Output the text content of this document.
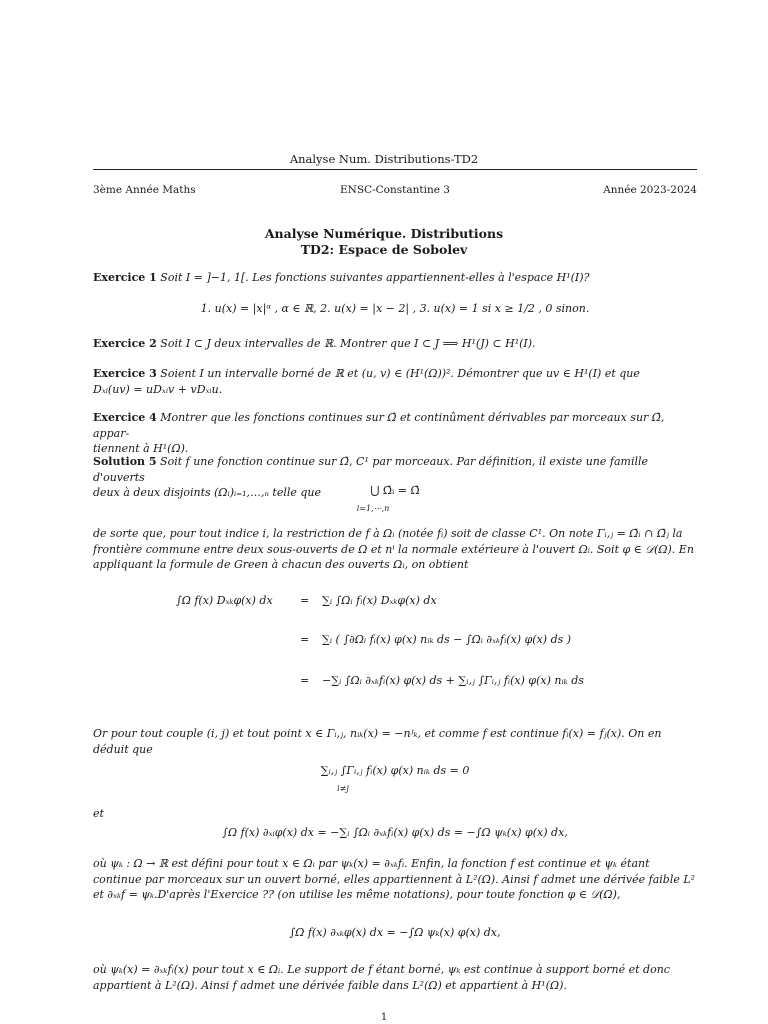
Analyse Num. Distributions-TD2
3ème Année Maths	ENSC-Constantine 3	Année 2023-2024
Analyse Numérique. Distributions
TD2: Espace de Sobolev
Exercice 1 Soit I = ]−1, 1[. Les fonctions suivantes appartiennent-elles à l'espace H¹(I)?
1. u(x) = |x|ᵅ , α ∈ ℝ, 2. u(x) = |x − 2| , 3. u(x) = 1 si x ≥ 1/2 , 0 sinon.
Exercice 2 Soit I ⊂ J deux intervalles de ℝ. Montrer que I ⊂ J ⟹ H¹(J) ⊂ H¹(I).
Exercice 3 Soient I un intervalle borné de ℝ et (u, v) ∈ (H¹(Ω))². Démontrer que uv ∈ H¹(I) et que
Dₓᵢ(uv) = uDₓᵢv + vDₓᵢu.
Exercice 4 Montrer que les fonctions continues sur Ω̄ et continûment dérivables par morceaux sur Ω̄, appar-
tiennent à H¹(Ω).
Solution 5 Soit f une fonction continue sur Ω̄, C¹ par morceaux. Par définition, il existe une famille d'ouverts
deux à deux disjoints (Ωᵢ)ᵢ₌₁,…,ₙ telle que	⋃ Ω̄ᵢ = Ω̄
i=1,⋯,n
de sorte que, pour tout indice i, la restriction de f à Ωᵢ (notée fᵢ) soit de classe C¹. On note Γᵢ,ⱼ = Ω̄ᵢ ∩ Ω̄ⱼ la
frontière commune entre deux sous-ouverts de Ω et nⁱ la normale extérieure à l'ouvert Ωᵢ. Soit φ ∈ 𝒟(Ω). En
appliquant la formule de Green à chacun des ouverts Ωᵢ, on obtient
∫Ω f(x) Dₓₖφ(x) dx = ∑ᵢ ∫Ωᵢ fᵢ(x) Dₓₖφ(x) dx
= ∑ᵢ ( ∫∂Ωᵢ fᵢ(x) φ(x) nᵢₖ ds − ∫Ωᵢ ∂ₓₖfᵢ(x) φ(x) ds )
= −∑ᵢ ∫Ωᵢ ∂ₓₖfᵢ(x) φ(x) ds + ∑ᵢ,ⱼ ∫Γᵢ,ⱼ fᵢ(x) φ(x) nᵢₖ ds
Or pour tout couple (i, j) et tout point x ∈ Γᵢ,ⱼ, nᵢₖ(x) = −nʲₖ, et comme f est continue fᵢ(x) = fⱼ(x). On en
déduit que
∑ᵢ,ⱼ ∫Γᵢ,ⱼ fᵢ(x) φ(x) nᵢₖ ds = 0
i≠j
et
∫Ω f(x) ∂ₓᵢφ(x) dx = −∑ᵢ ∫Ωᵢ ∂ₓₖfᵢ(x) φ(x) ds = −∫Ω ψₖ(x) φ(x) dx,
où ψₖ : Ω → ℝ est défini pour tout x ∈ Ωᵢ par ψₖ(x) = ∂ₓₖfᵢ. Enfin, la fonction f est continue et ψₖ étant
continue par morceaux sur un ouvert borné, elles appartiennent à L²(Ω). Ainsi f admet une dérivée faible L²
et ∂ₓₖf = ψₖ.D'après l'Exercice ?? (on utilise les même notations), pour toute fonction φ ∈ 𝒟(Ω),
∫Ω f(x) ∂ₓₖφ(x) dx = −∫Ω ψₖ(x) φ(x) dx,
où ψₖ(x) = ∂ₓₖfᵢ(x) pour tout x ∈ Ωᵢ. Le support de f étant borné, ψₖ est continue à support borné et donc
appartient à L²(Ω). Ainsi f admet une dérivée faible dans L²(Ω) et appartient à H¹(Ω).
1
